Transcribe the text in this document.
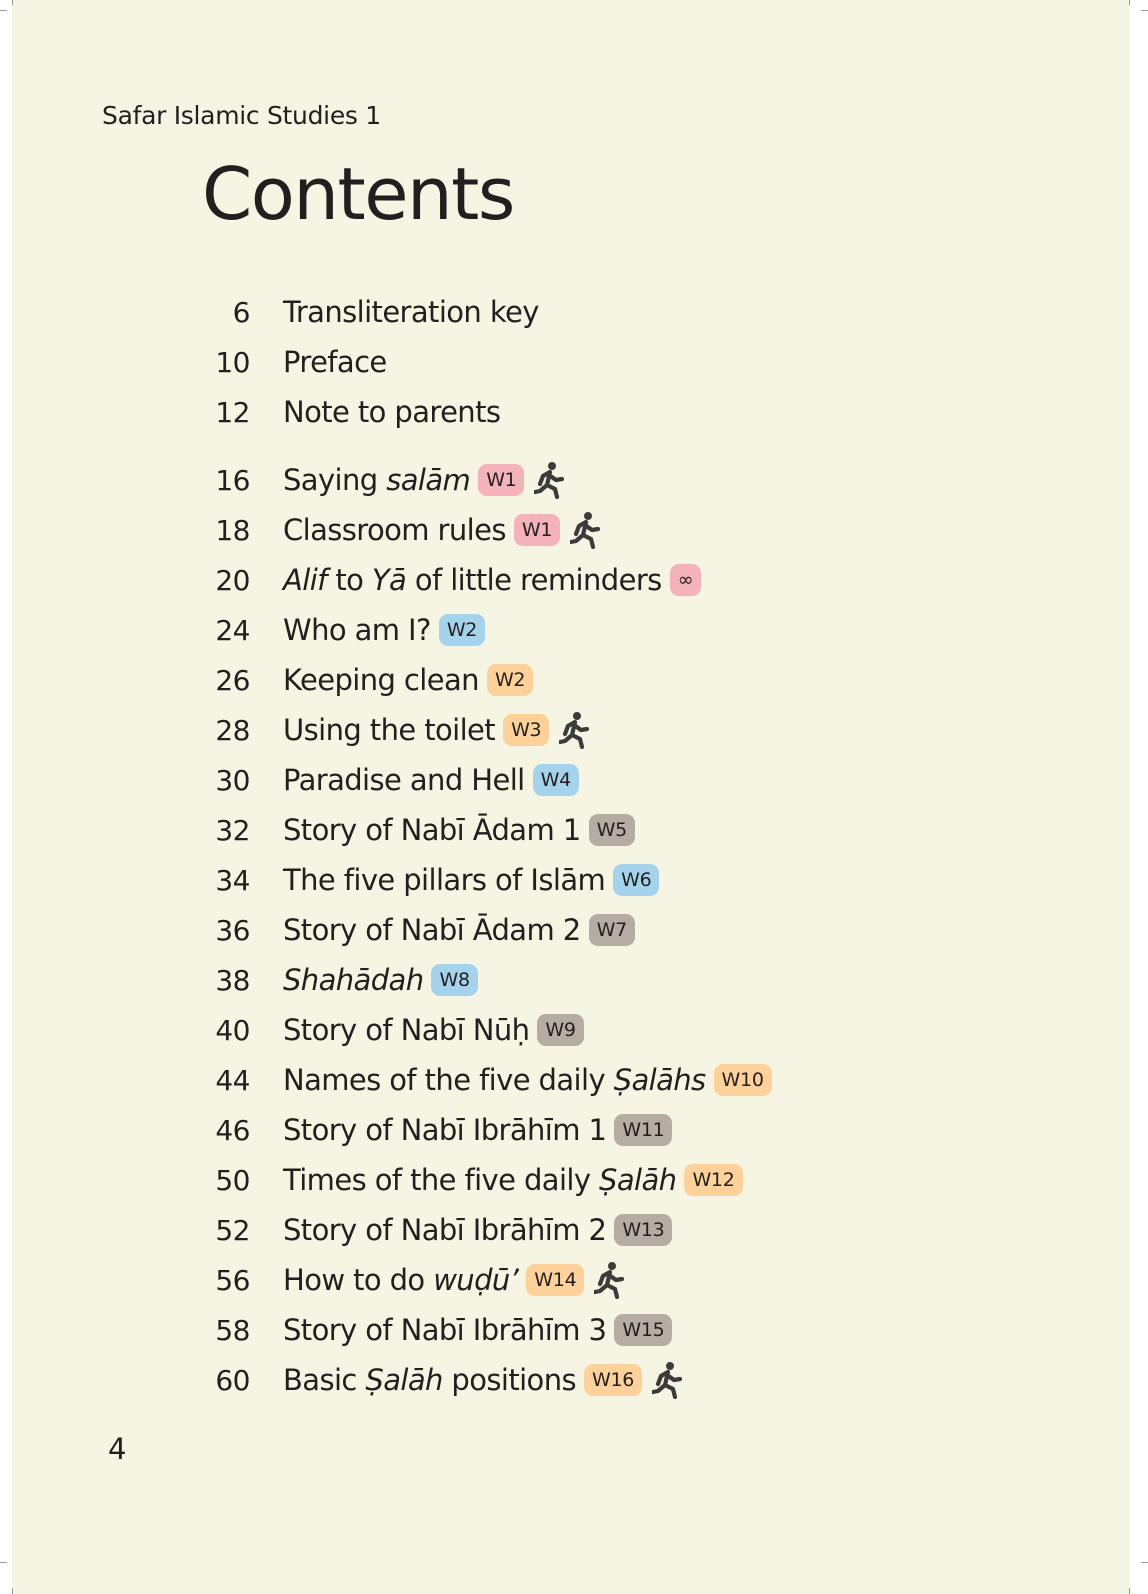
Safar Islamic Studies 1
Contents
6 Transliteration key
10 Preface
12 Note to parents
16 Saying salām W1
18 Classroom rules W1
20 Alif to Yā of little reminders ∞
24 Who am I? W2
26 Keeping clean W2
28 Using the toilet W3
30 Paradise and Hell W4
32 Story of Nabī Ādam 1 W5
34 The five pillars of Islām W6
36 Story of Nabī Ādam 2 W7
38 Shahādah W8
40 Story of Nabī Nūḥ W9
44 Names of the five daily Ṣalāhs W10
46 Story of Nabī Ibrāhīm 1 W11
50 Times of the five daily Ṣalāh W12
52 Story of Nabī Ibrāhīm 2 W13
56 How to do wuḍū’ W14
58 Story of Nabī Ibrāhīm 3 W15
60 Basic Ṣalāh positions W16
4
